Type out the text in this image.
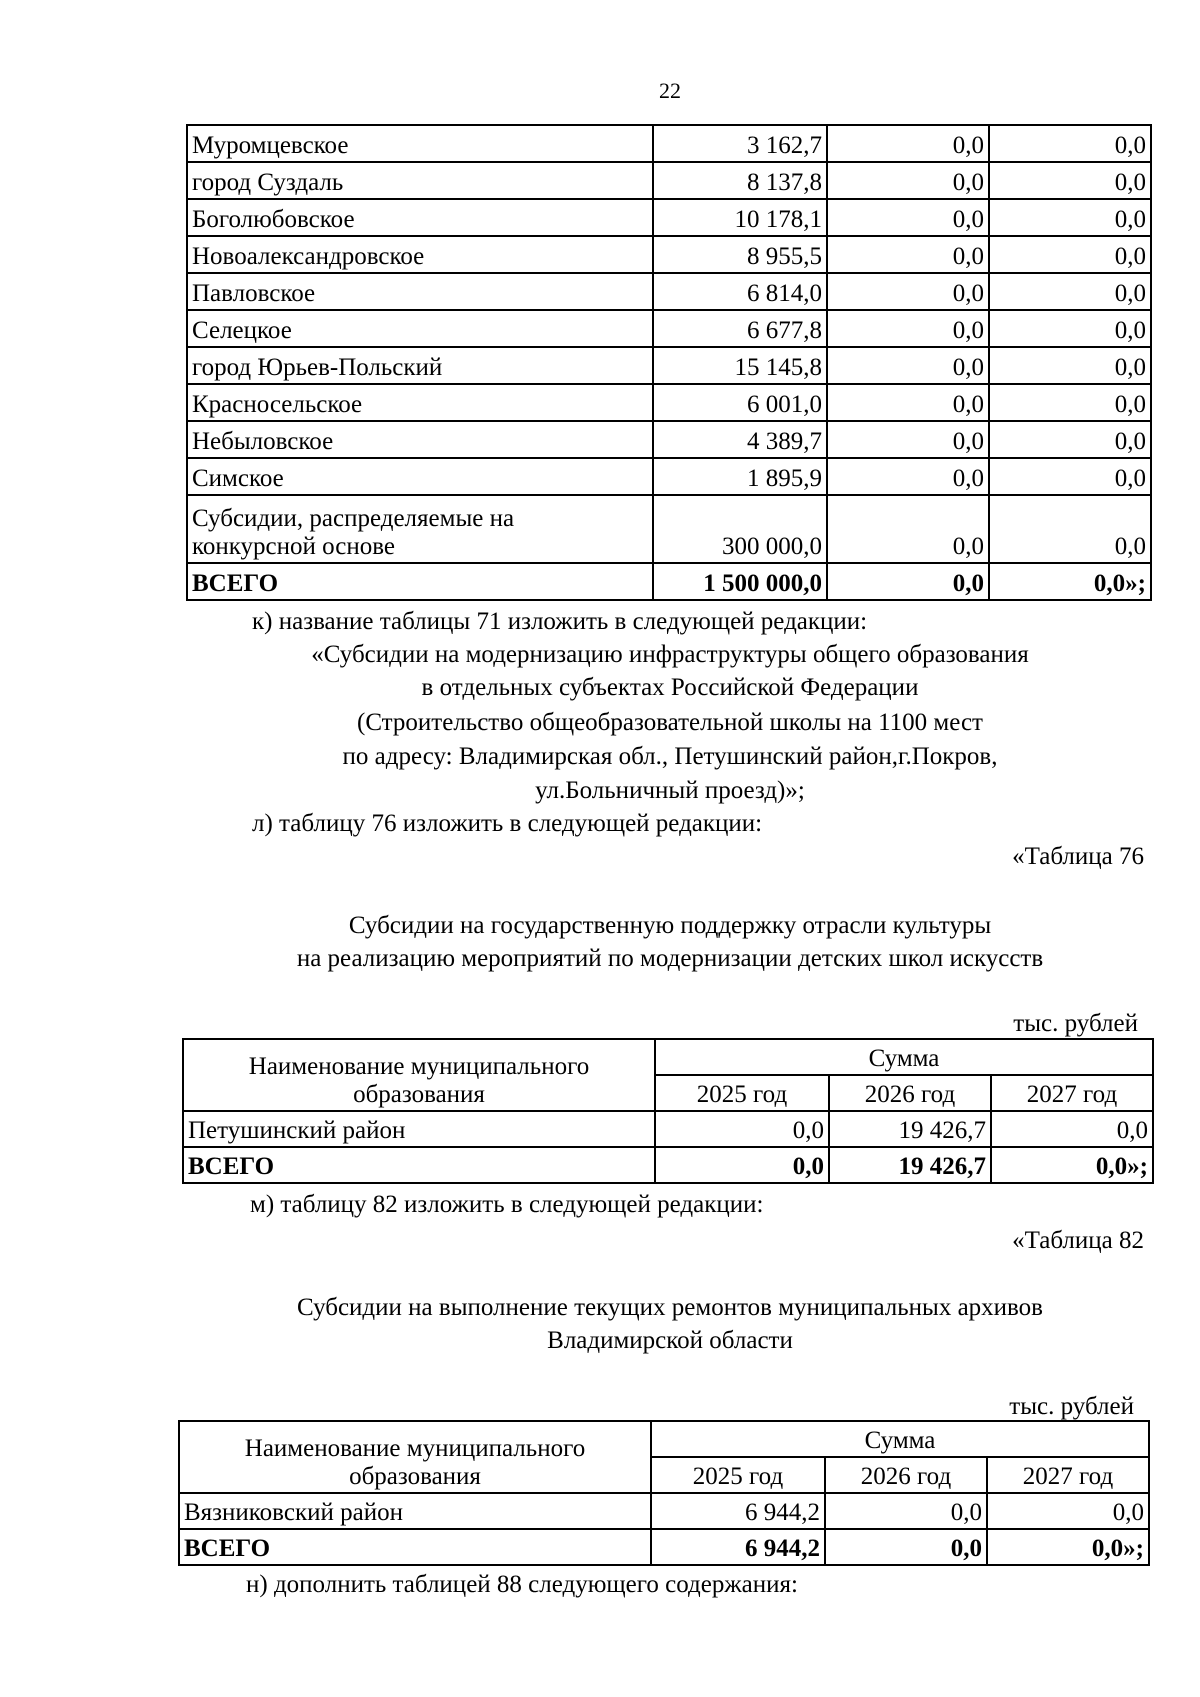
22
Муромцевское	3 162,7	0,0	0,0
город Суздаль	8 137,8	0,0	0,0
Боголюбовское	10 178,1	0,0	0,0
Новоалександровское	8 955,5	0,0	0,0
Павловское	6 814,0	0,0	0,0
Селецкое	6 677,8	0,0	0,0
город Юрьев-Польский	15 145,8	0,0	0,0
Красносельское	6 001,0	0,0	0,0
Небыловское	4 389,7	0,0	0,0
Симское	1 895,9	0,0	0,0

Субсидии, распределяемые на
конкурсной основе	300 000,0	0,0	0,0
ВСЕГО	1 500 000,0	0,0	0,0»;
к) название таблицы 71 изложить в следующей редакции:
«Субсидии на модернизацию инфраструктуры общего образования
в отдельных субъектах Российской Федерации
(Строительство общеобразовательной школы на 1100 мест
по адресу: Владимирская обл., Петушинский район,г.Покров,
ул.Больничный проезд)»;
л) таблицу 76 изложить в следующей редакции:
«Таблица 76
Субсидии на государственную поддержку отрасли культуры
на реализацию мероприятий по модернизации детских школ искусств
тыс. рублей
Наименование муниципального
образования	Сумма		
	2025 год	2026 год	2027 год
Петушинский район	0,0	19 426,7	0,0
ВСЕГО	0,0	19 426,7	0,0»;
м) таблицу 82 изложить в следующей редакции:
«Таблица 82
Субсидии на выполнение текущих ремонтов муниципальных архивов
Владимирской области
тыс. рублей
Наименование муниципального
образования	Сумма		
	2025 год	2026 год	2027 год
Вязниковский район	6 944,2	0,0	0,0
ВСЕГО	6 944,2	0,0	0,0»;
н) дополнить таблицей 88 следующего содержания:
